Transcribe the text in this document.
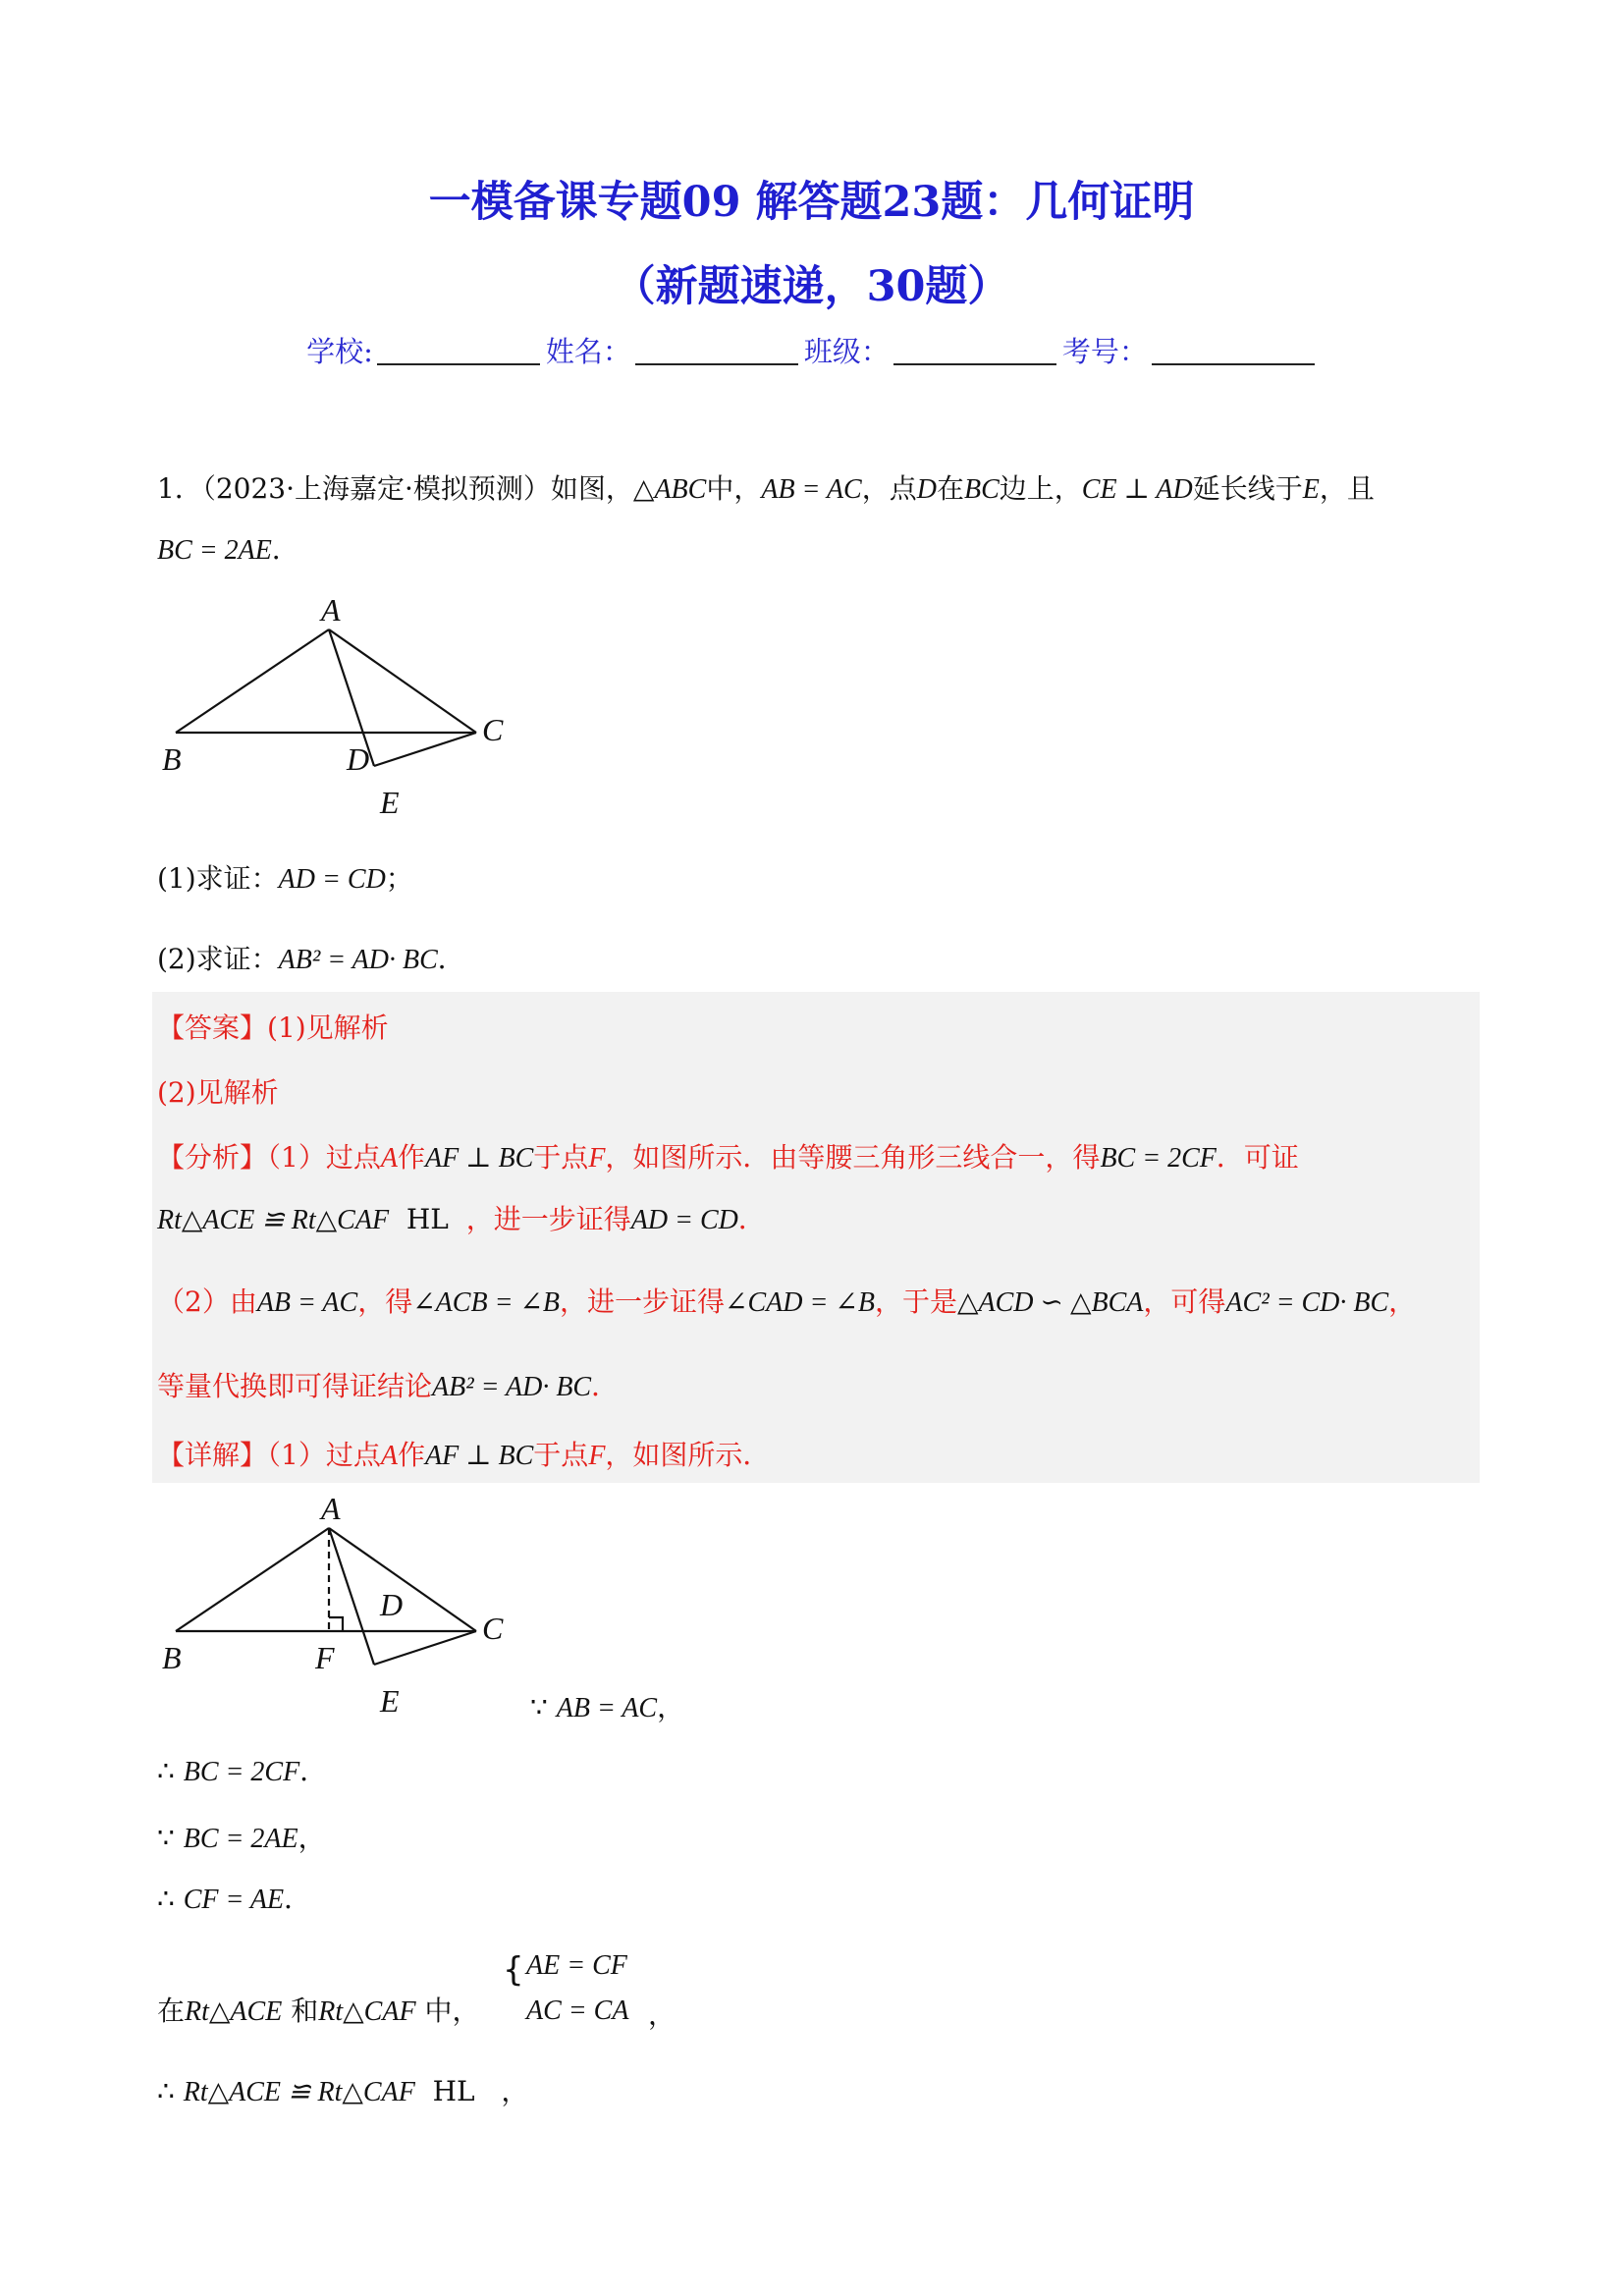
一模备课专题09 解答题23题：几何证明
（新题速递，30题）
学校:	姓名：	班级：	考号：
1．（2023·上海嘉定·模拟预测）如图，△ABC中，AB = AC，点D在BC边上，CE ⊥ AD延长线于E，且
BC = 2AE．
A
B
C
D
E
(1)求证：AD = CD；
(2)求证：AB² = AD· BC．
【答案】(1)见解析
(2)见解析
【分析】（1）过点A作AF ⊥ BC于点F，如图所示．由等腰三角形三线合一，得BC = 2CF．可证
Rt△ACE ≌ Rt△CAF HL ，进一步证得AD = CD．
（2）由AB = AC，得∠ACB = ∠B，进一步证得∠CAD = ∠B，于是△ACD ∽ △BCA，可得AC² = CD· BC，
等量代换即可得证结论AB² = AD· BC．
【详解】（1）过点A作AF ⊥ BC于点F，如图所示．
A
B
C
D
E
F
∵ AB = AC，
∴ BC = 2CF．
∵ BC = 2AE，
∴ CF = AE．
在Rt△ACE 和Rt△CAF 中，
{ AE = CF
AC = CA ，
∴ Rt△ACE ≌ Rt△CAF HL ，
